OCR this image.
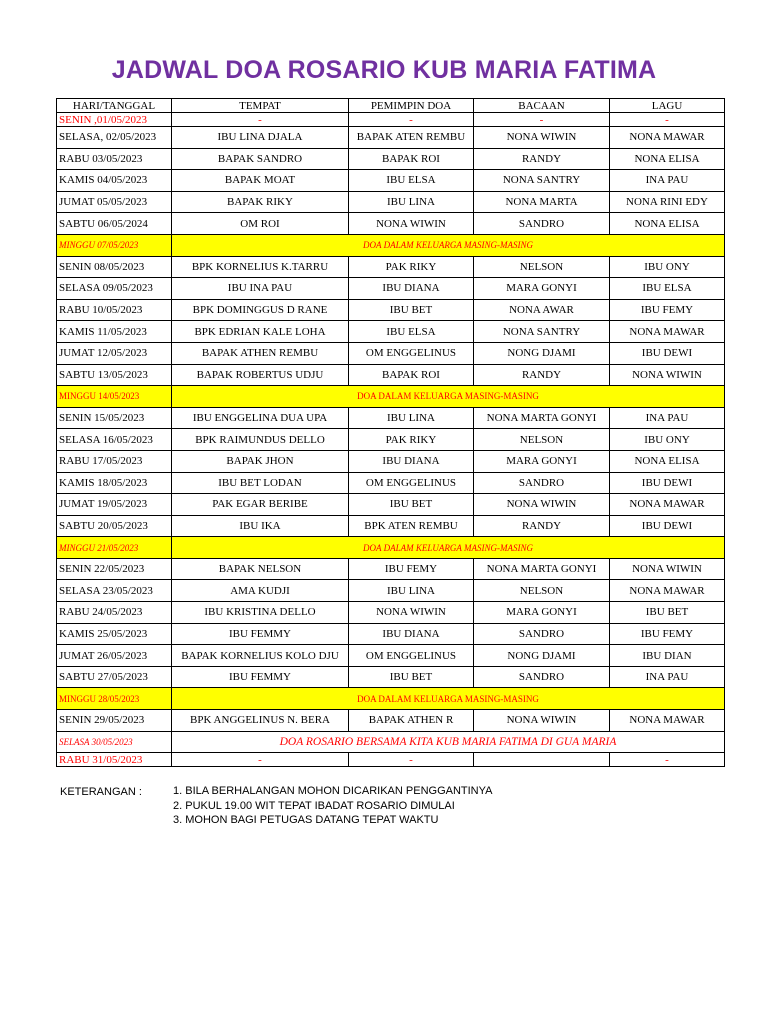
JADWAL DOA ROSARIO KUB MARIA FATIMA
HARI/TANGGAL	TEMPAT	PEMIMPIN DOA	BACAAN	LAGU
SENIN ,01/05/2023	-	-	-	-
SELASA, 02/05/2023	IBU LINA DJALA	BAPAK ATEN REMBU	NONA WIWIN	NONA MAWAR
RABU 03/05/2023	BAPAK SANDRO	BAPAK ROI	RANDY	NONA ELISA
KAMIS 04/05/2023	BAPAK MOAT	IBU ELSA	NONA SANTRY	INA PAU
JUMAT 05/05/2023	BAPAK RIKY	IBU LINA	NONA MARTA	NONA RINI EDY
SABTU 06/05/2024	OM ROI	NONA WIWIN	SANDRO	NONA ELISA
MINGGU 07/05/2023	DOA DALAM KELUARGA MASING-MASING			
SENIN 08/05/2023	BPK KORNELIUS K.TARRU	PAK RIKY	NELSON	IBU ONY
SELASA 09/05/2023	IBU INA PAU	IBU DIANA	MARA GONYI	IBU ELSA
RABU 10/05/2023	BPK DOMINGGUS D RANE	IBU BET	NONA AWAR	IBU FEMY
KAMIS 11/05/2023	BPK EDRIAN KALE LOHA	IBU ELSA	NONA SANTRY	NONA MAWAR
JUMAT 12/05/2023	BAPAK ATHEN REMBU	OM ENGGELINUS	NONG DJAMI	IBU DEWI
SABTU 13/05/2023	BAPAK ROBERTUS UDJU	BAPAK ROI	RANDY	NONA WIWIN
MINGGU 14/05/2023	DOA DALAM KELUARGA MASING-MASING			
SENIN 15/05/2023	IBU ENGGELINA DUA UPA	IBU LINA	NONA MARTA GONYI	INA PAU
SELASA 16/05/2023	BPK RAIMUNDUS DELLO	PAK RIKY	NELSON	IBU ONY
RABU 17/05/2023	BAPAK JHON	IBU DIANA	MARA GONYI	NONA ELISA
KAMIS 18/05/2023	IBU BET LODAN	OM ENGGELINUS	SANDRO	IBU DEWI
JUMAT 19/05/2023	PAK EGAR BERIBE	IBU BET	NONA WIWIN	NONA MAWAR
SABTU 20/05/2023	IBU IKA	BPK ATEN REMBU	RANDY	IBU DEWI
MINGGU 21/05/2023	DOA DALAM KELUARGA MASING-MASING			
SENIN 22/05/2023	BAPAK NELSON	IBU FEMY	NONA MARTA GONYI	NONA WIWIN
SELASA 23/05/2023	AMA KUDJI	IBU LINA	NELSON	NONA MAWAR
RABU 24/05/2023	IBU KRISTINA DELLO	NONA WIWIN	MARA GONYI	IBU BET
KAMIS 25/05/2023	IBU FEMMY	IBU DIANA	SANDRO	IBU FEMY
JUMAT 26/05/2023	BAPAK KORNELIUS KOLO DJU	OM ENGGELINUS	NONG DJAMI	IBU DIAN
SABTU 27/05/2023	IBU FEMMY	IBU BET	SANDRO	INA PAU
MINGGU 28/05/2023	DOA DALAM KELUARGA MASING-MASING			
SENIN 29/05/2023	BPK ANGGELINUS N. BERA	BAPAK ATHEN R	NONA WIWIN	NONA MAWAR
SELASA 30/05/2023	DOA ROSARIO BERSAMA KITA KUB MARIA FATIMA DI GUA MARIA			
RABU 31/05/2023	-	-		-
KETERANGAN :	1. BILA BERHALANGAN MOHON DICARIKAN PENGGANTINYA
2. PUKUL 19.00 WIT TEPAT IBADAT ROSARIO DIMULAI
3. MOHON BAGI PETUGAS DATANG TEPAT WAKTU
